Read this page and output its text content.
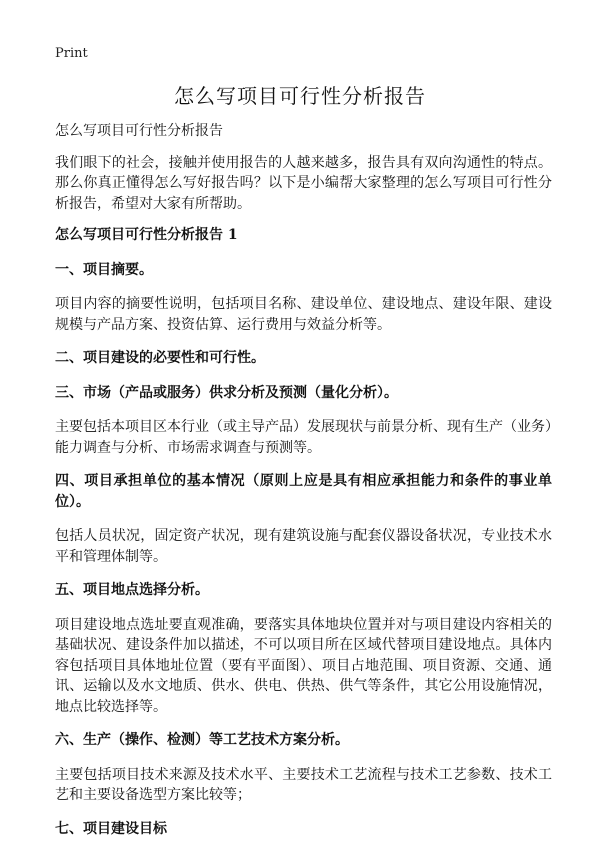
Print
怎么写项目可行性分析报告

怎么写项目可行性分析报告

我们眼下的社会，接触并使用报告的人越来越多，报告具有双向沟通性的特点。那么你真正懂得怎么写好报告吗？以下是小编帮大家整理的怎么写项目可行性分析报告，希望对大家有所帮助。

怎么写项目可行性分析报告 1

一、项目摘要。

项目内容的摘要性说明，包括项目名称、建设单位、建设地点、建设年限、建设规模与产品方案、投资估算、运行费用与效益分析等。

二、项目建设的必要性和可行性。

三、市场（产品或服务）供求分析及预测（量化分析）。

主要包括本项目区本行业（或主导产品）发展现状与前景分析、现有生产（业务）能力调查与分析、市场需求调查与预测等。

四、项目承担单位的基本情况（原则上应是具有相应承担能力和条件的事业单位）。

包括人员状况，固定资产状况，现有建筑设施与配套仪器设备状况，专业技术水平和管理体制等。

五、项目地点选择分析。

项目建设地点选址要直观准确，要落实具体地块位置并对与项目建设内容相关的基础状况、建设条件加以描述，不可以项目所在区域代替项目建设地点。具体内容包括项目具体地址位置（要有平面图）、项目占地范围、项目资源、交通、通讯、运输以及水文地质、供水、供电、供热、供气等条件，其它公用设施情况，地点比较选择等。

六、生产（操作、检测）等工艺技术方案分析。

主要包括项目技术来源及技术水平、主要技术工艺流程与技术工艺参数、技术工艺和主要设备选型方案比较等；

七、项目建设目标
